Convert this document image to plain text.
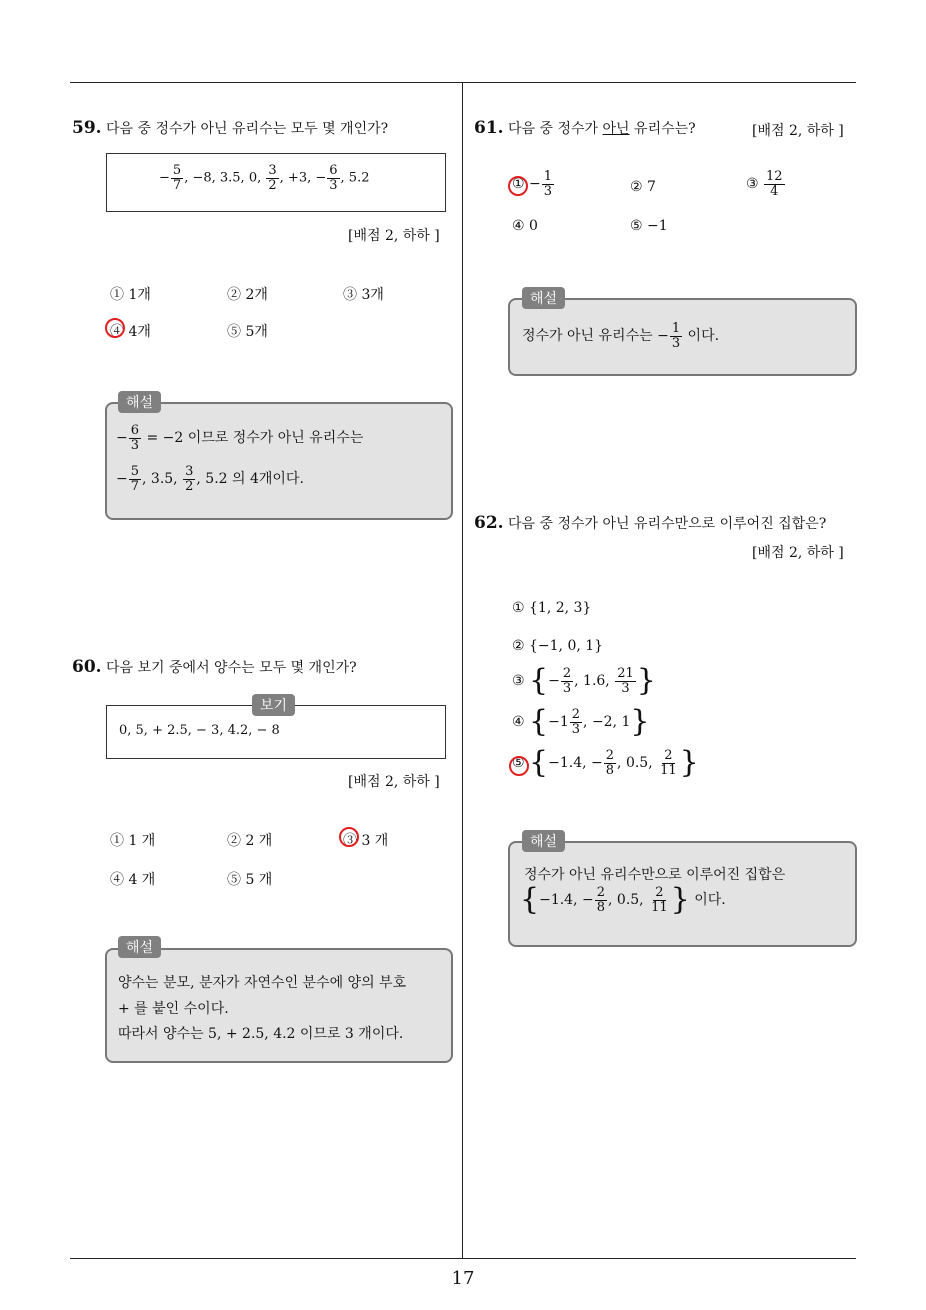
59. 다음 중 정수가 아닌 유리수는 모두 몇 개인가?
− $\frac{5}{7}$ , −8, 3.5, 0, $\frac{3}{2}$ , +3, − $\frac{6}{3}$ , 5.2
[배점 2, 하하 ]
① 1개	② 2개	③ 3개
④ 4개	⑤ 5개
해설
− $\frac{6}{3} = -2$ 이므로 정수가 아닌 유리수는
− $\frac{5}{7}$ , 3.5, $\frac{3}{2}$ , 5.2 의 4개이다.
60. 다음 보기 중에서 양수는 모두 몇 개인가?
0, 5, + 2.5, − 3, 4.2, − 8
보기
[배점 2, 하하 ]
① 1 개	② 2 개	③ 3 개
④ 4 개	⑤ 5 개
해설
양수는 분모, 분자가 자연수인 분수에 양의 부호
+ 를 붙인 수이다.
따라서 양수는 5, + 2.5, 4.2 이므로 3 개이다.
61. 다음 중 정수가 아닌 유리수는?	[배점 2, 하하 ]
① − $\frac{1}{3}$	② 7	③ $\frac{12}{4}$
④ 0	⑤ −1
해설
정수가 아닌 유리수는 − $\frac{1}{3}$ 이다.
62. 다음 중 정수가 아닌 유리수만으로 이루어진 집합은?
[배점 2, 하하 ]
① {1, 2, 3}
② {−1, 0, 1}
③ {− $\frac{2}{3}$ , 1.6, $\frac{21}{3}$ }
④ {$-1 \frac{2}{3}$ , −2, 1}
⑤ {−1.4, − $\frac{2}{8}$ , 0.5, $\frac{2}{11}$ }
해설
정수가 아닌 유리수만으로 이루어진 집합은
{−1.4, − $\frac{2}{8}$ , 0.5, $\frac{2}{11}$ } 이다.
17
